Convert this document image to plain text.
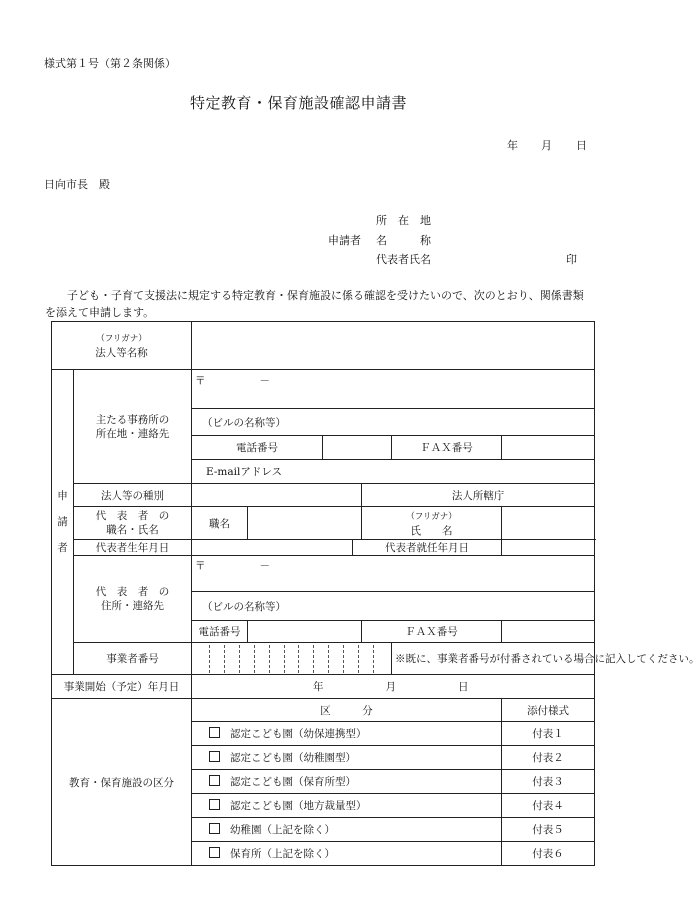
様式第１号（第２条関係）
特定教育・保育施設確認申請書
年 月 日
日向市長　殿
所　在　地
申請者 名　　　称
代表者氏名	印
子ども・子育て支援法に規定する特定教育・保育施設に係る確認を受けたいので、次のとおり、関係書類を添えて申請します。
（フリガナ）
法人等名称									
申
請
者	主たる事務所の
所在地・連絡先	〒 －							
		（ビルの名称等）							
		電話番号					ＦＡＸ番号		
		E-mailアドレス							
	法人等の種別					法人所轄庁			
	代　表　者　の
職名・氏名	職名				（フリガナ）
氏　　名			
	代表者生年月日				代表者就任年月日				
	代　表　者　の
住所・連絡先	〒 －							
		（ビルの名称等）							
		電話番号				ＦＡＸ番号			
	事業者番号						※既に、事業者番号が付番されている場合に記入してください。		
事業開始（予定）年月日		年 月 日							
教育・保育施設の区分		区　　　分						添付様式	
		認定こども園（幼保連携型）						付表１	
		認定こども園（幼稚園型）						付表２	
		認定こども園（保育所型）						付表３	
		認定こども園（地方裁量型）						付表４	
		幼稚園（上記を除く）						付表５	
		保育所（上記を除く）						付表６	
